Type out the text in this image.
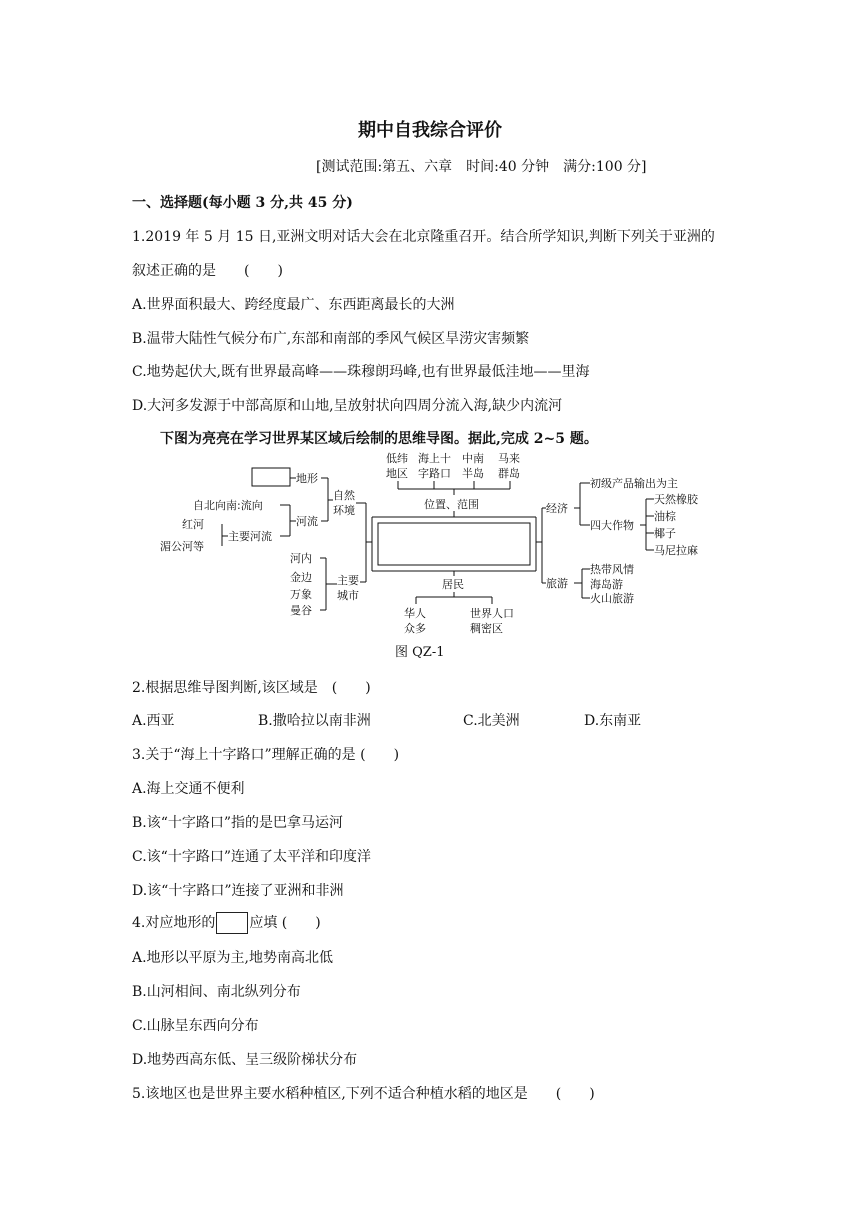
期中自我综合评价
[测试范围:第五、六章　时间:40 分钟　满分:100 分]
一、选择题(每小题 3 分,共 45 分)
1.2019 年 5 月 15 日,亚洲文明对话大会在北京隆重召开。结合所学知识,判断下列关于亚洲的
叙述正确的是　　(　　)
A.世界面积最大、跨经度最广、东西距离最长的大洲
B.温带大陆性气候分布广,东部和南部的季风气候区旱涝灾害频繁
C.地势起伏大,既有世界最高峰——珠穆朗玛峰,也有世界最低洼地——里海
D.大河多发源于中部高原和山地,呈放射状向四周分流入海,缺少内流河
下图为亮亮在学习世界某区域后绘制的思维导图。据此,完成 2~5 题。
低纬
地区
海上十
字路口
中南
半岛
马来
群岛
位置、范围
自然
环境
地形
河流
自北向南:流向
主要河流
红河
湄公河等
主要
城市
河内
金边
万象
曼谷
经济
初级产品输出为主
四大作物
天然橡胶
油棕
椰子
马尼拉麻
旅游
热带风情
海岛游
火山旅游
居民
华人
众多
世界人口
稠密区
图 QZ-1
2.根据思维导图判断,该区域是　(　　)
A.西亚	B.撒哈拉以南非洲	C.北美洲	D.东南亚
3.关于“海上十字路口”理解正确的是 (　　)
A.海上交通不便利
B.该“十字路口”指的是巴拿马运河
C.该“十字路口”连通了太平洋和印度洋
D.该“十字路口”连接了亚洲和非洲
4.对应地形的 应填 (　　)
A.地形以平原为主,地势南高北低
B.山河相间、南北纵列分布
C.山脉呈东西向分布
D.地势西高东低、呈三级阶梯状分布
5.该地区也是世界主要水稻种植区,下列不适合种植水稻的地区是　　(　　)
